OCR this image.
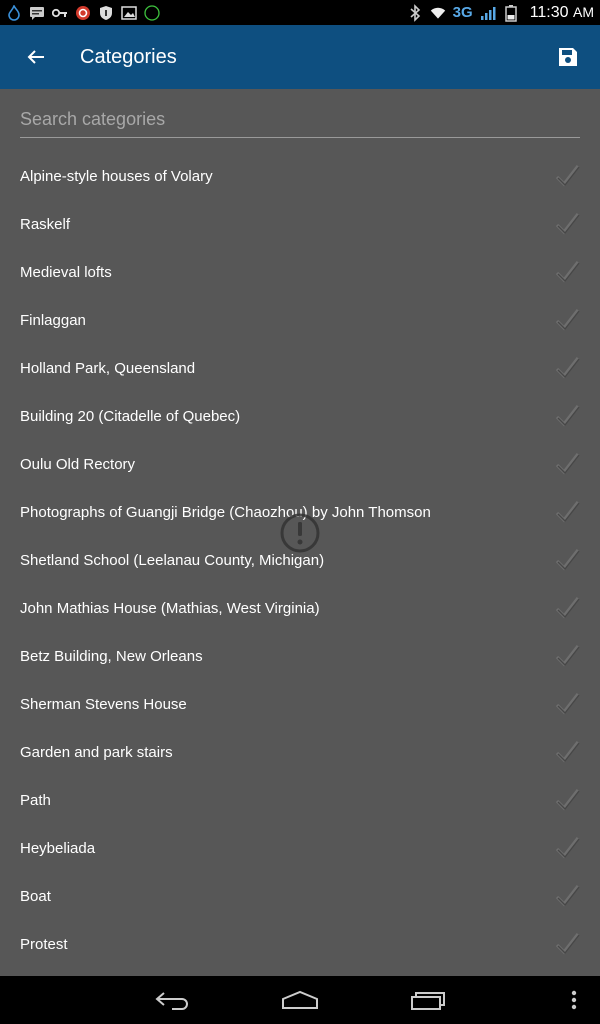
3G	11:30 AM
Categories
Search categories
Alpine-style houses of Volary
Raskelf
Medieval lofts
Finlaggan
Holland Park, Queensland
Building 20 (Citadelle of Quebec)
Oulu Old Rectory
Photographs of Guangji Bridge (Chaozhou) by John Thomson
Shetland School (Leelanau County, Michigan)
John Mathias House (Mathias, West Virginia)
Betz Building, New Orleans
Sherman Stevens House
Garden and park stairs
Path
Heybeliada
Boat
Protest
